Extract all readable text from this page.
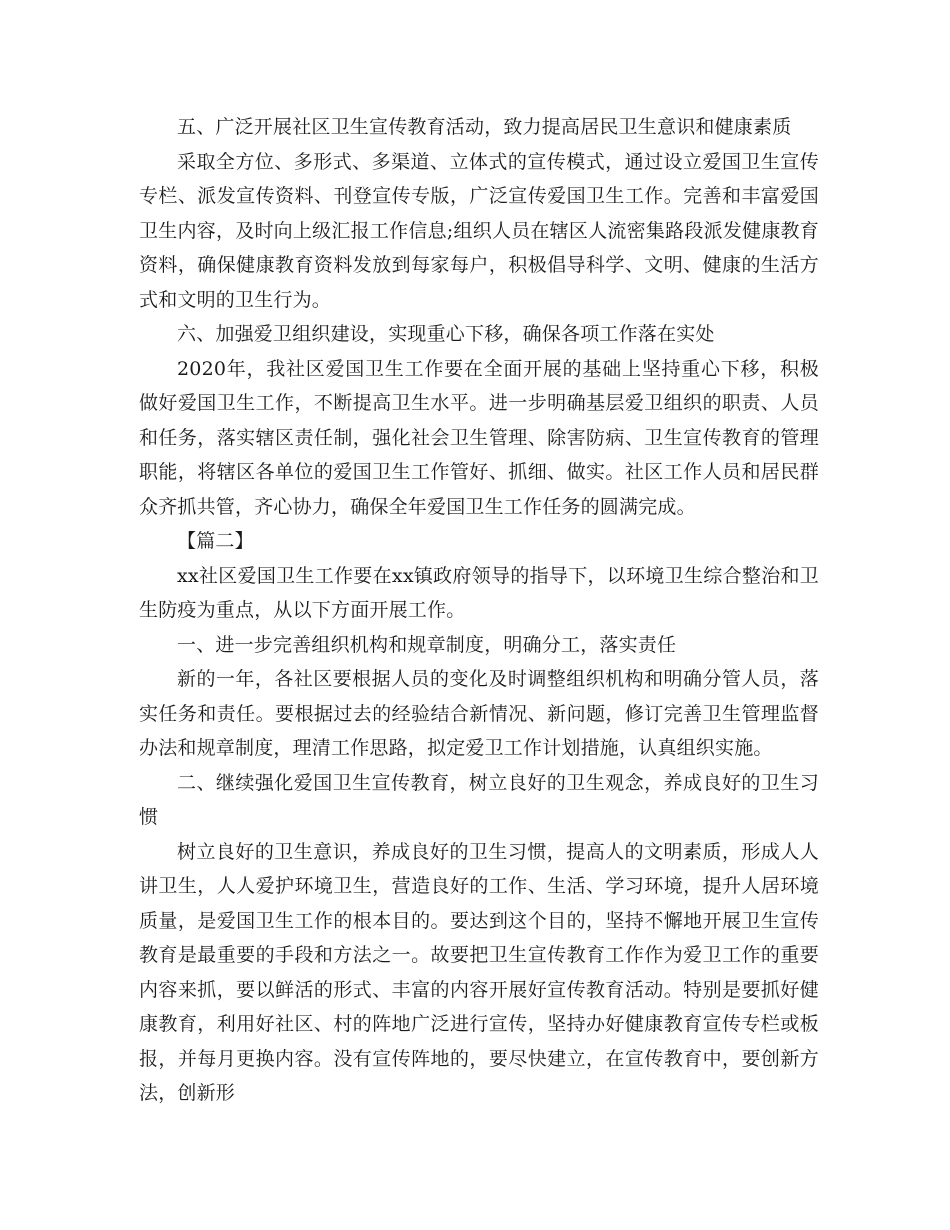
五、广泛开展社区卫生宣传教育活动，致力提高居民卫生意识和健康素质

采取全方位、多形式、多渠道、立体式的宣传模式，通过设立爱国卫生宣传专栏、派发宣传资料、刊登宣传专版，广泛宣传爱国卫生工作。完善和丰富爱国卫生内容，及时向上级汇报工作信息;组织人员在辖区人流密集路段派发健康教育资料，确保健康教育资料发放到每家每户，积极倡导科学、文明、健康的生活方式和文明的卫生行为。

六、加强爱卫组织建设，实现重心下移，确保各项工作落在实处

2020年，我社区爱国卫生工作要在全面开展的基础上坚持重心下移，积极做好爱国卫生工作，不断提高卫生水平。进一步明确基层爱卫组织的职责、人员和任务，落实辖区责任制，强化社会卫生管理、除害防病、卫生宣传教育的管理职能，将辖区各单位的爱国卫生工作管好、抓细、做实。社区工作人员和居民群众齐抓共管，齐心协力，确保全年爱国卫生工作任务的圆满完成。

【篇二】

xx社区爱国卫生工作要在xx镇政府领导的指导下，以环境卫生综合整治和卫生防疫为重点，从以下方面开展工作。

一、进一步完善组织机构和规章制度，明确分工，落实责任

新的一年，各社区要根据人员的变化及时调整组织机构和明确分管人员，落实任务和责任。要根据过去的经验结合新情况、新问题，修订完善卫生管理监督办法和规章制度，理清工作思路，拟定爱卫工作计划措施，认真组织实施。

二、继续强化爱国卫生宣传教育，树立良好的卫生观念，养成良好的卫生习惯

树立良好的卫生意识，养成良好的卫生习惯，提高人的文明素质，形成人人讲卫生，人人爱护环境卫生，营造良好的工作、生活、学习环境，提升人居环境质量，是爱国卫生工作的根本目的。要达到这个目的，坚持不懈地开展卫生宣传教育是最重要的手段和方法之一。故要把卫生宣传教育工作作为爱卫工作的重要内容来抓，要以鲜活的形式、丰富的内容开展好宣传教育活动。特别是要抓好健康教育，利用好社区、村的阵地广泛进行宣传，坚持办好健康教育宣传专栏或板报，并每月更换内容。没有宣传阵地的，要尽快建立，在宣传教育中，要创新方法，创新形
